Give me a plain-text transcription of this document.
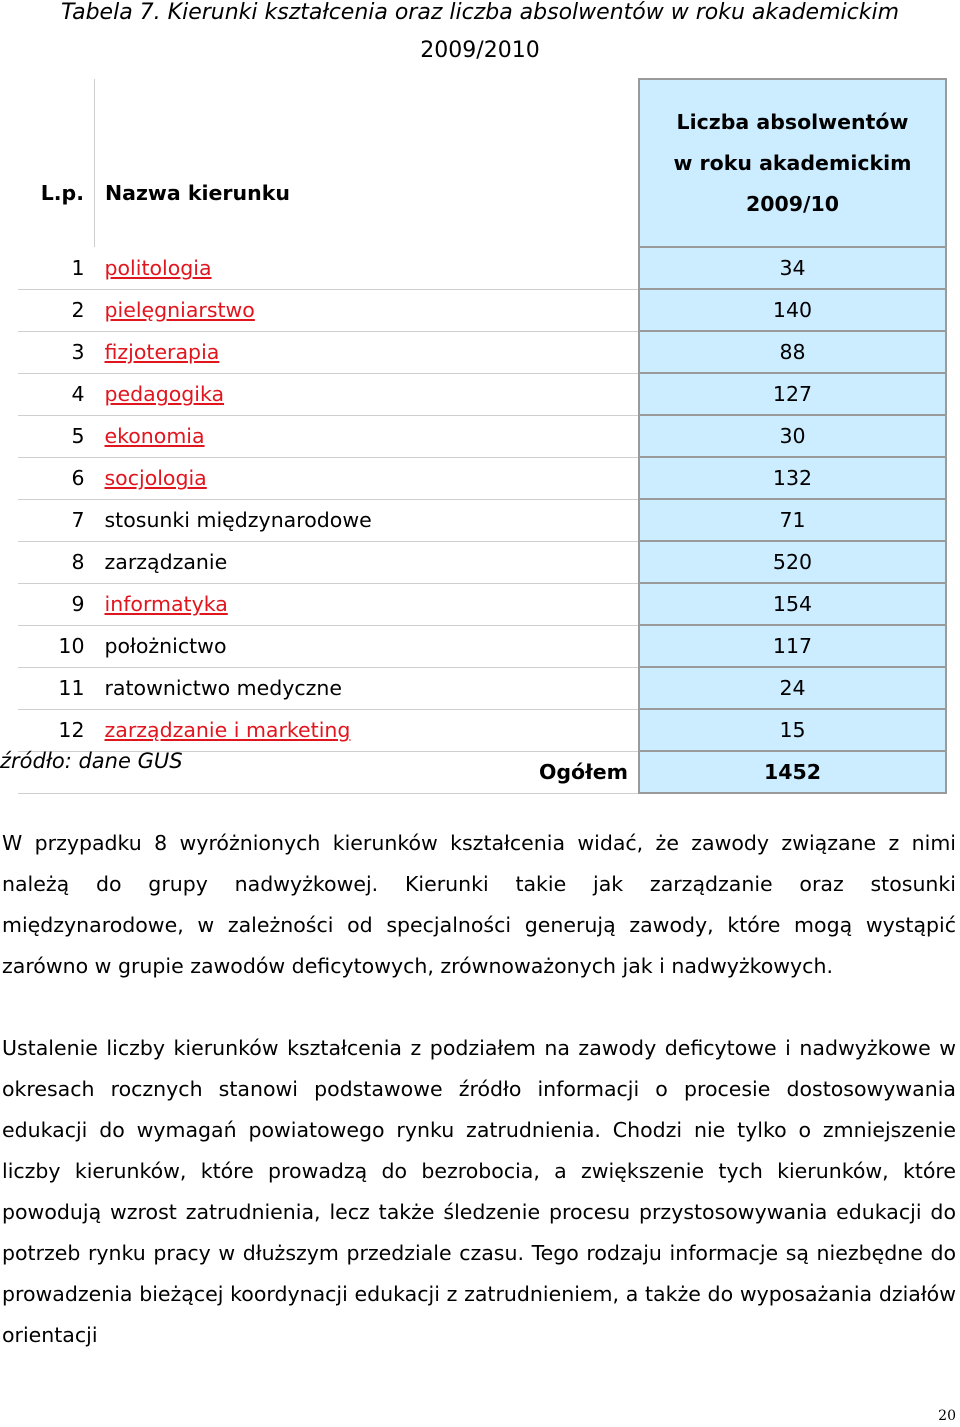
Tabela 7. Kierunki kształcenia oraz liczba absolwentów w roku akademickim
2009/2010
L.p.	Nazwa kierunku	Liczba absolwentów
w roku akademickim
2009/10

1	politologia	34
2	pielęgniarstwo	140
3	fizjoterapia	88
4	pedagogika	127
5	ekonomia	30
6	socjologia	132
7	stosunki międzynarodowe	71
8	zarządzanie	520
9	informatyka	154
10	położnictwo	117
11	ratownictwo medyczne	24
12	zarządzanie i marketing	15
Ogółem		1452
źródło: dane GUS
W przypadku 8 wyróżnionych kierunków kształcenia widać, że zawody związane z nimi należą do grupy nadwyżkowej. Kierunki takie jak zarządzanie oraz stosunki międzynarodowe, w zależności od specjalności generują zawody, które mogą wystąpić zarówno w grupie zawodów deficytowych, zrównoważonych jak i nadwyżkowych.
Ustalenie liczby kierunków kształcenia z podziałem na zawody deficytowe i nadwyżkowe w okresach rocznych stanowi podstawowe źródło informacji o procesie dostosowywania edukacji do wymagań powiatowego rynku zatrudnienia. Chodzi nie tylko o zmniejszenie liczby kierunków, które prowadzą do bezrobocia, a zwiększenie tych kierunków, które powodują wzrost zatrudnienia, lecz także śledzenie procesu przystosowywania edukacji do potrzeb rynku pracy w dłuższym przedziale czasu. Tego rodzaju informacje są niezbędne do prowadzenia bieżącej koordynacji edukacji z zatrudnieniem, a także do wyposażania działów orientacji
20
